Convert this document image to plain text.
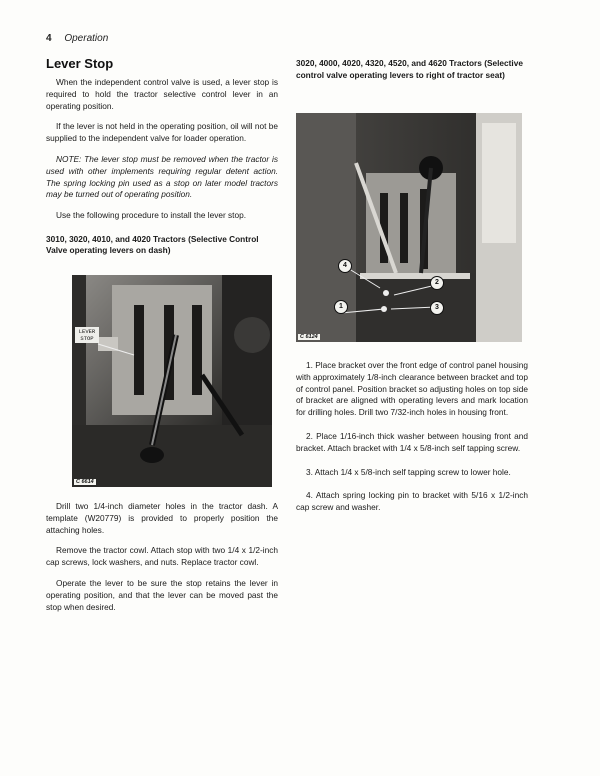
4 Operation
Lever Stop

When the independent control valve is used, a lever stop is required to hold the tractor selective control lever in an operating position.

If the lever is not held in the operating position, oil will not be supplied to the independent valve for loader operation.

NOTE: The lever stop must be removed when the tractor is used with other implements requiring regular detent action. The spring locking pin used as a stop on later model tractors may be turned out of operating position.

Use the following procedure to install the lever stop.

3010, 3020, 4010, and 4020 Tractors (Selective Control Valve operating levers on dash)
LEVER
STOP
C 6614

Drill two 1/4-inch diameter holes in the tractor dash. A template (W20779) is provided to properly position the attaching holes.

Remove the tractor cowl. Attach stop with two 1/4 x 1/2-inch cap screws, lock washers, and nuts. Replace tractor cowl.

Operate the lever to be sure the stop retains the lever in operating position, and that the lever can be moved past the stop when desired.

3020, 4000, 4020, 4320, 4520, and 4620 Tractors (Selective control valve operating levers to right of tractor seat)
1
2
3
4
C 6124

1. Place bracket over the front edge of control panel housing with approximately 1/8-inch clearance between bracket and top of control panel. Position bracket so adjusting holes on top side of bracket are aligned with operating levers and mark location for drilling holes. Drill two 7/32-inch holes in housing front.

2. Place 1/16-inch thick washer between housing front and bracket. Attach bracket with 1/4 x 5/8-inch self tapping screw.

3. Attach 1/4 x 5/8-inch self tapping screw to lower hole.

4. Attach spring locking pin to bracket with 5/16 x 1/2-inch cap screw and washer.
